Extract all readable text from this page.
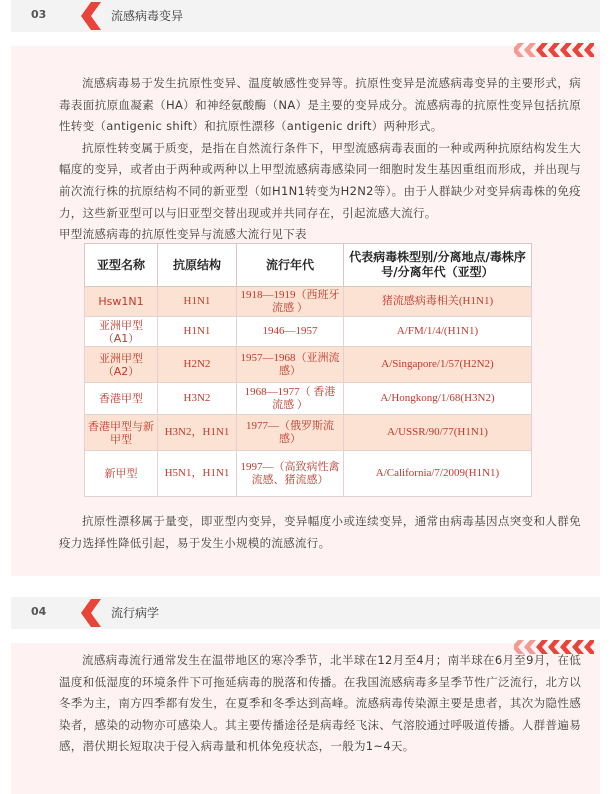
03	流感病毒变异

流感病毒易于发生抗原性变异、温度敏感性变异等。抗原性变异是流感病毒变异的主要形式，病毒表面抗原血凝素（HA）和神经氨酸酶（NA）是主要的变异成分。流感病毒的抗原性变异包括抗原性转变（antigenic shift）和抗原性漂移（antigenic drift）两种形式。

抗原性转变属于质变，是指在自然流行条件下，甲型流感病毒表面的一种或两种抗原结构发生大幅度的变异，或者由于两种或两种以上甲型流感病毒感染同一细胞时发生基因重组而形成，并出现与前次流行株的抗原结构不同的新亚型（如H1N1转变为H2N2等）。由于人群缺少对变异病毒株的免疫力，这些新亚型可以与旧亚型交替出现或并共同存在，引起流感大流行。

甲型流感病毒的抗原性变异与流感大流行见下表

亚型名称	抗原结构	流行年代	代表病毒株型别/分离地点/毒株序号/分离年代（亚型）
Hsw1N1	H1N1	1918—1919（西班牙流感 ）	猪流感病毒相关(H1N1)
亚洲甲型（A1）	H1N1	1946—1957	A/FM/1/4/(H1N1)
亚洲甲型（A2）	H2N2	1957—1968（亚洲流感）	A/Singapore/1/57(H2N2)
香港甲型	H3N2	1968—1977（ 香港流感 ）	A/Hongkong/1/68(H3N2)
香港甲型与新甲型	H3N2，H1N1	1977—（俄罗斯流感）	A/USSR/90/77(H1N1)
新甲型	H5N1，H1N1	1997—（高致病性禽流感、猪流感）	A/California/7/2009(H1N1)

抗原性漂移属于量变，即亚型内变异，变异幅度小或连续变异，通常由病毒基因点突变和人群免疫力选择性降低引起，易于发生小规模的流感流行。

04	流行病学

流感病毒流行通常发生在温带地区的寒冷季节，北半球在12月至4月；南半球在6月至9月，在低温度和低湿度的环境条件下可拖延病毒的脱落和传播。在我国流感病毒多呈季节性广泛流行，北方以冬季为主，南方四季都有发生，在夏季和冬季达到高峰。流感病毒传染源主要是患者，其次为隐性感染者，感染的动物亦可感染人。其主要传播途径是病毒经飞沫、气溶胶通过呼吸道传播。人群普遍易感，潜伏期长短取决于侵入病毒量和机体免疫状态，一般为1~4天。
